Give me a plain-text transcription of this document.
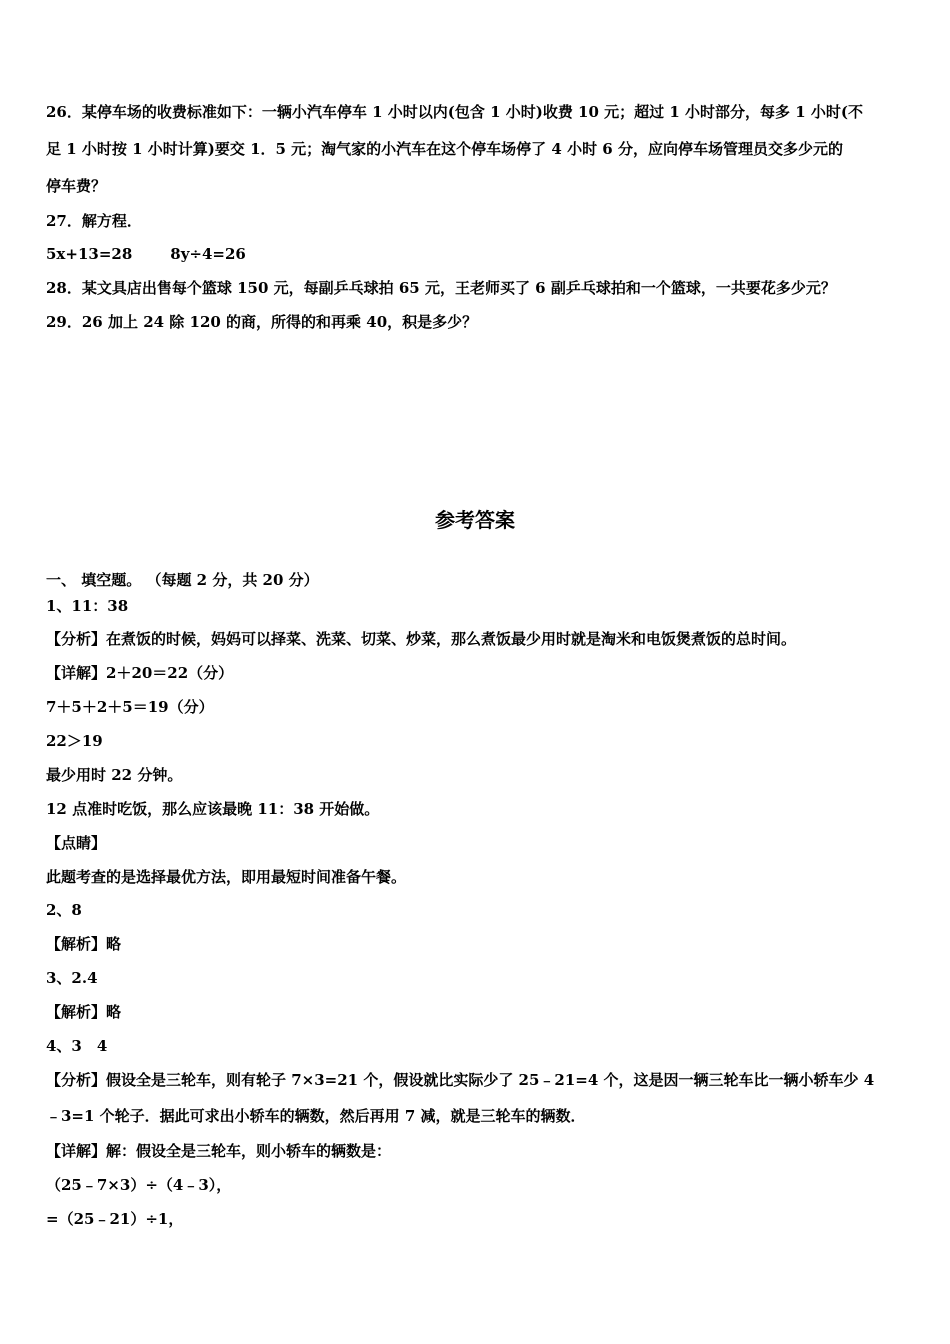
26．某停车场的收费标准如下：一辆小汽车停车 1 小时以内(包含 1 小时)收费 10 元；超过 1 小时部分，每多 1 小时(不
足 1 小时按 1 小时计算)要交 1．5 元；淘气家的小汽车在这个停车场停了 4 小时 6 分，应向停车场管理员交多少元的
停车费？
27．解方程．
5x+13=28	8y÷4=26
28．某文具店出售每个篮球 150 元，每副乒乓球拍 65 元，王老师买了 6 副乒乓球拍和一个篮球，一共要花多少元？
29．26 加上 24 除 120 的商，所得的和再乘 40，积是多少？
参考答案
一、 填空题。 （每题 2 分，共 20 分）
1、11：38
【分析】在煮饭的时候，妈妈可以择菜、洗菜、切菜、炒菜，那么煮饭最少用时就是淘米和电饭煲煮饭的总时间。
【详解】2＋20＝22（分）
7＋5＋2＋5＝19（分）
22＞19
最少用时 22 分钟。
12 点准时吃饭，那么应该最晚 11：38 开始做。
【点睛】
此题考查的是选择最优方法，即用最短时间准备午餐。
2、8
【解析】略
3、2.4
【解析】略
4、3　4
【分析】假设全是三轮车，则有轮子 7×3=21 个，假设就比实际少了 25﹣21=4 个，这是因一辆三轮车比一辆小轿车少 4
﹣3=1 个轮子．据此可求出小轿车的辆数，然后再用 7 减，就是三轮车的辆数．
【详解】解：假设全是三轮车，则小轿车的辆数是：
（25﹣7×3）÷（4﹣3），
=（25﹣21）÷1，
